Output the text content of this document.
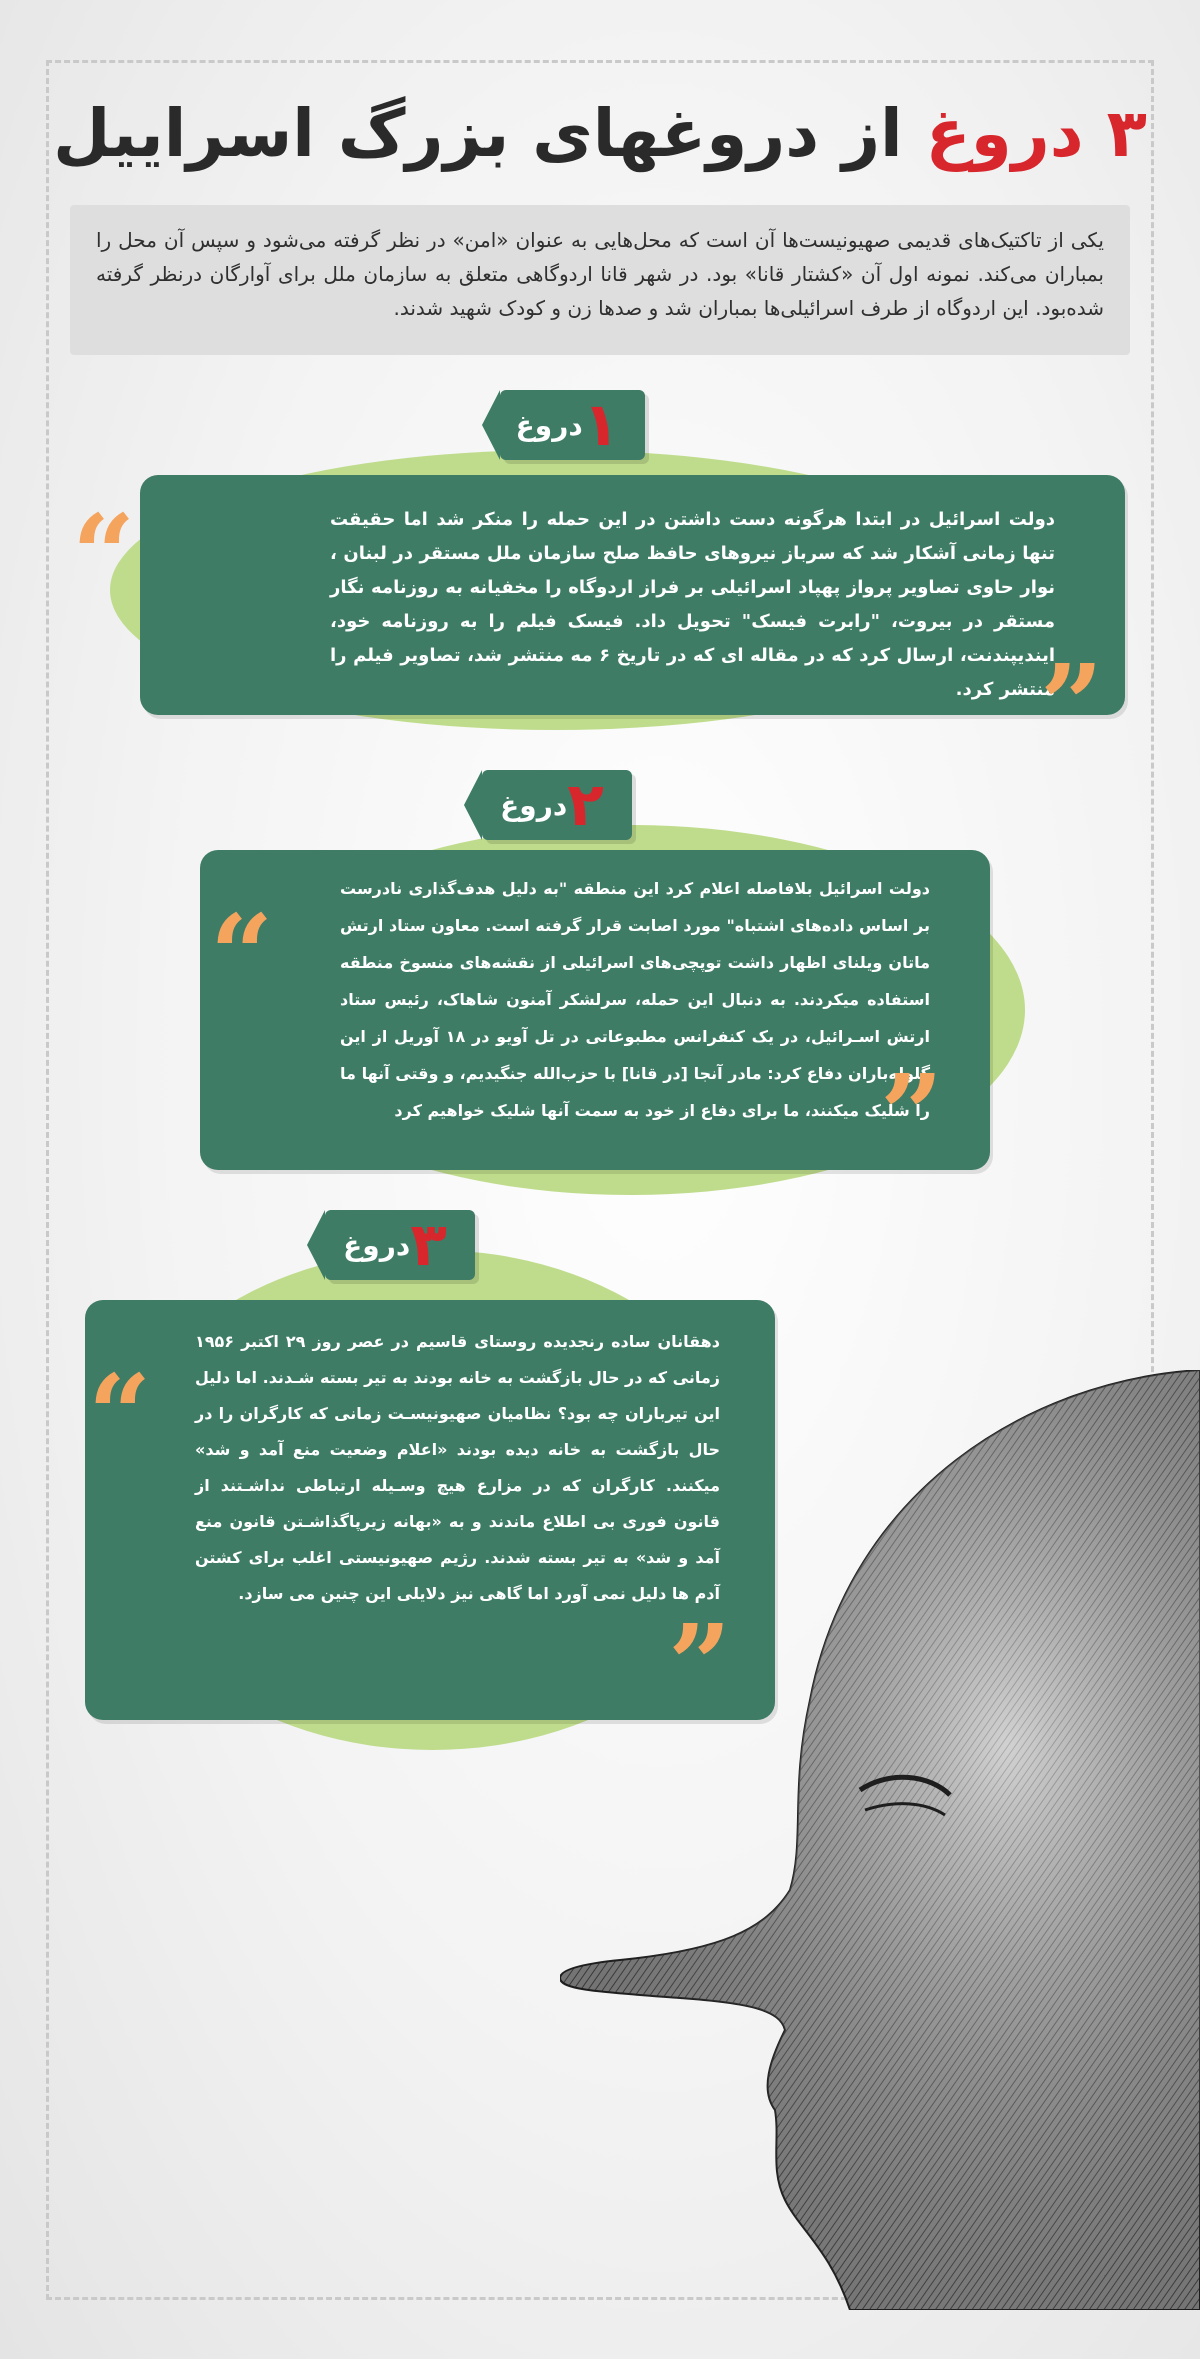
۳ دروغ از دروغهای بزرگ اسراییل
یکی از تاکتیک‌های قدیمی صهیونیست‌ها آن است که محل‌هایی به عنوان «امن» در نظر گرفته می‌شود و سپس آن محل را بمباران می‌کند. نمونه اول آن «کشتار قانا» بود. در شهر قانا اردوگاهی متعلق به سازمان ملل برای آوارگان درنظر گرفته شده‌بود. این اردوگاه از طرف اسرائیلی‌ها بمباران شد و صدها زن و کودک شهید شدند.
۱
دروغ
دولت اسرائیل در ابتدا هرگونه دست داشتن در این حمله را منکر شد اما حقیقت تنها زمانی آشکار شد که سرباز نیروهای حافظ صلح سازمان ملل مستقر در لبنان ، نوار حاوی تصاویر پرواز پهپاد اسرائیلی بر فراز اردوگاه را مخفیانه به روزنامه نگار مستقر در بیروت، "رابرت فیسک" تحویل داد. فیسک فیلم را به روزنامه خود، ایندیپندنت، ارسال کرد که در مقاله ای که در تاریخ ۶ مه منتشر شد، تصاویر فیلم را منتشر کرد.
“
”
۲
دروغ
دولت اسرائیل بلافاصله اعلام کرد این منطقه "به دلیل هدف‌گذاری نادرست بر اساس داده‌های اشتباه" مورد اصابت قرار گرفته است. معاون ستاد ارتش ماتان ویلنای اظهار داشت توپچی‌های اسرائیلی از نقشه‌های منسوخ منطقه استفاده میکردند. به دنبال این حمله، سرلشکر آمنون شاهاک، رئیس ستاد ارتش اسـرائیل، در یک کنفرانس مطبوعاتی در تل آویو در ۱۸ آوریل از این گلوله‌باران دفاع کرد: مادر آنجا [در قانا] با حزب‌الله جنگیدیم، و وقتی آنها ما را شلیک میکنند، ما برای دفاع از خود به سمت آنها شلیک خواهیم کرد
“
”
۳
دروغ
دهقانان ساده رنجدیده روستای قاسیم در عصر روز ۲۹ اکتبر ۱۹۵۶ زمانی که در حال بازگشت به خانه بودند به تیر بسته شـدند. اما دلیل این تیرباران چه بود؟ نظامیان صهیونیسـت زمانی که کارگران را در حال بازگشت به خانه دیده بودند «اعلام وضعیت منع آمد و شد» میکنند. کارگران که در مزارع هیچ وسـیله ارتباطی نداشـتند از قانون فوری بی اطلاع ماندند و به «بهانه زیرپاگذاشـتن قانون منع آمد و شد» به تیر بسته شدند. رژیم صهیونیستی اغلب برای کشتن آدم ها دلیل نمی آورد اما گاهی نیز دلایلی این چنین می سازد.
“
”
